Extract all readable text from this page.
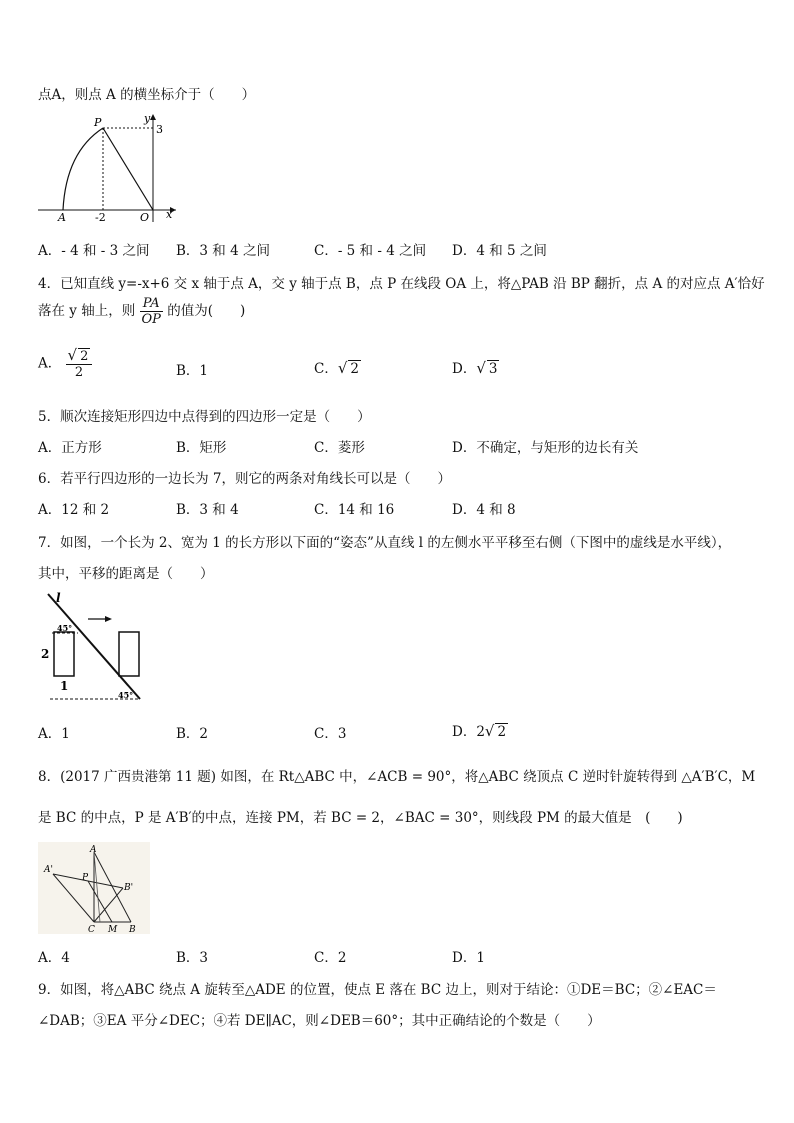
点A，则点 A 的横坐标介于（　　）
P	y
3
A	-2	O x
A．- 4 和 - 3 之间 B．3 和 4 之间	C．- 5 和 - 4 之间 D．4 和 5 之间
4．已知直线 y=-x+6 交 x 轴于点 A，交 y 轴于点 B，点 P 在线段 OA 上，将△PAB 沿 BP 翻折，点 A 的对应点 A′恰好
落在 y 轴上，则 $\frac{PA}{OP}$ 的值为(　　)
A． $\frac{√ 2}{2}$	B．1	C．√ 2	D．√ 3
5．顺次连接矩形四边中点得到的四边形一定是（　　）
A．正方形	B．矩形	C．菱形	D．不确定，与矩形的边长有关
6．若平行四边形的一边长为 7，则它的两条对角线长可以是（　　）
A．12 和 2	B．3 和 4	C．14 和 16	D．4 和 8
7．如图，一个长为 2、宽为 1 的长方形以下面的“姿态”从直线 l 的左侧水平平移至右侧（下图中的虚线是水平线），
其中，平移的距离是（　　）
l
45°
2
1
45°
A．1	B．2	C．3	D．2√ 2
8．(2017 广西贵港第 11 题) 如图，在 Rt△ABC 中，∠ACB = 90°，将△ABC 绕顶点 C 逆时针旋转得到 △A′B′C，M
是 BC 的中点，P 是 A′B′的中点，连接 PM，若 BC = 2，∠BAC = 30°，则线段 PM 的最大值是　(　　)
A'
A
P
B'
C M B
A．4	B．3	C．2	D．1
9．如图，将△ABC 绕点 A 旋转至△ADE 的位置，使点 E 落在 BC 边上，则对于结论：①DE＝BC；②∠EAC＝
∠DAB；③EA 平分∠DEC；④若 DE∥AC，则∠DEB＝60°；其中正确结论的个数是（　　）
